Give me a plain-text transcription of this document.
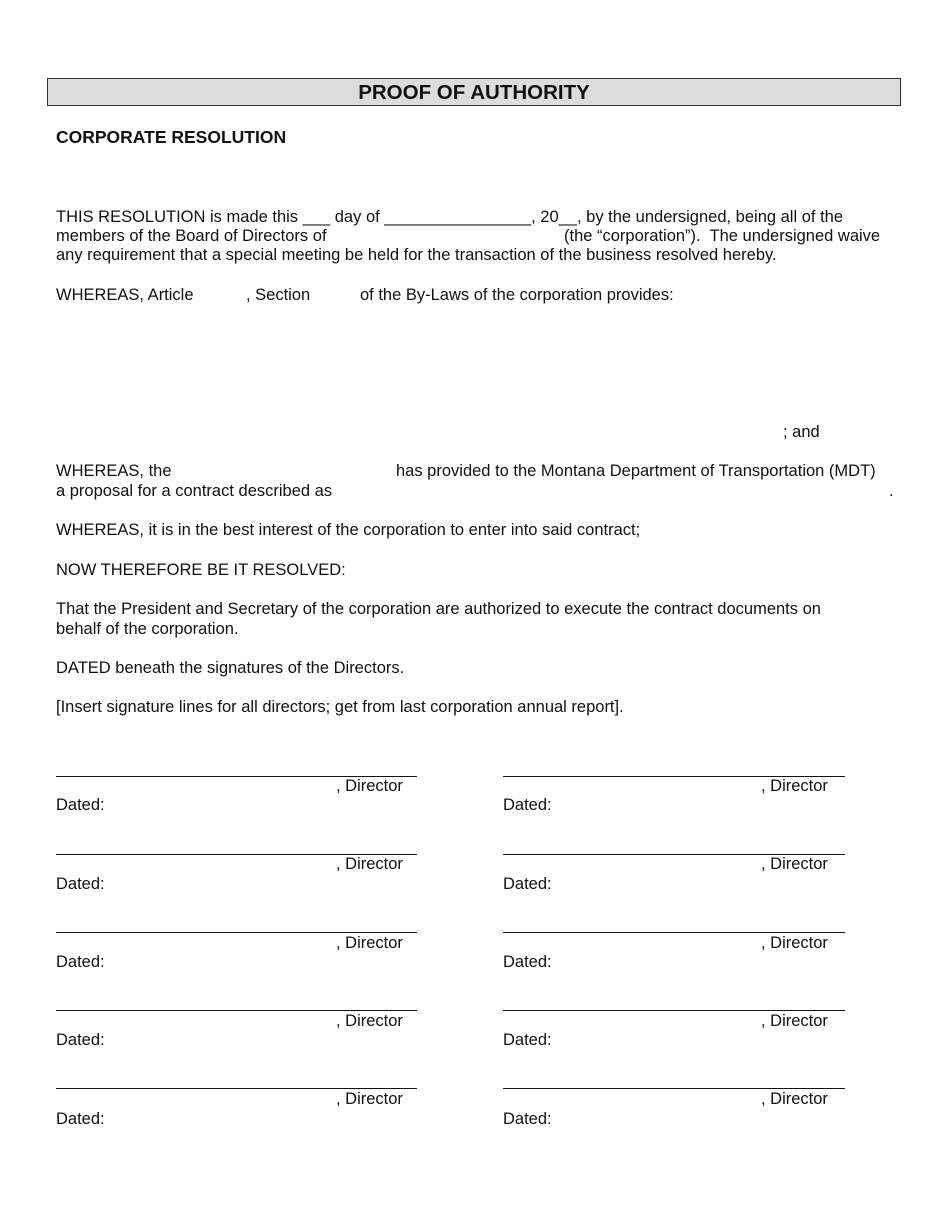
PROOF OF AUTHORITY
CORPORATE RESOLUTION
THIS RESOLUTION is made this ___ day of ________________, 20__, by the undersigned, being all of the
members of the Board of Directors of	(the “corporation”).  The undersigned waive
any requirement that a special meeting be held for the transaction of the business resolved hereby.
WHEREAS, Article	, Section	of the By-Laws of the corporation provides:
; and
WHEREAS, the	has provided to the Montana Department of Transportation (MDT)
a proposal for a contract described as	.
WHEREAS, it is in the best interest of the corporation to enter into said contract;
NOW THEREFORE BE IT RESOLVED:
That the President and Secretary of the corporation are authorized to execute the contract documents on
behalf of the corporation.
DATED beneath the signatures of the Directors.
[Insert signature lines for all directors; get from last corporation annual report].
, Director
Dated:
, Director
Dated:
, Director
Dated:
, Director
Dated:
, Director
Dated:
, Director
Dated:
, Director
Dated:
, Director
Dated:
, Director
Dated:
, Director
Dated:
